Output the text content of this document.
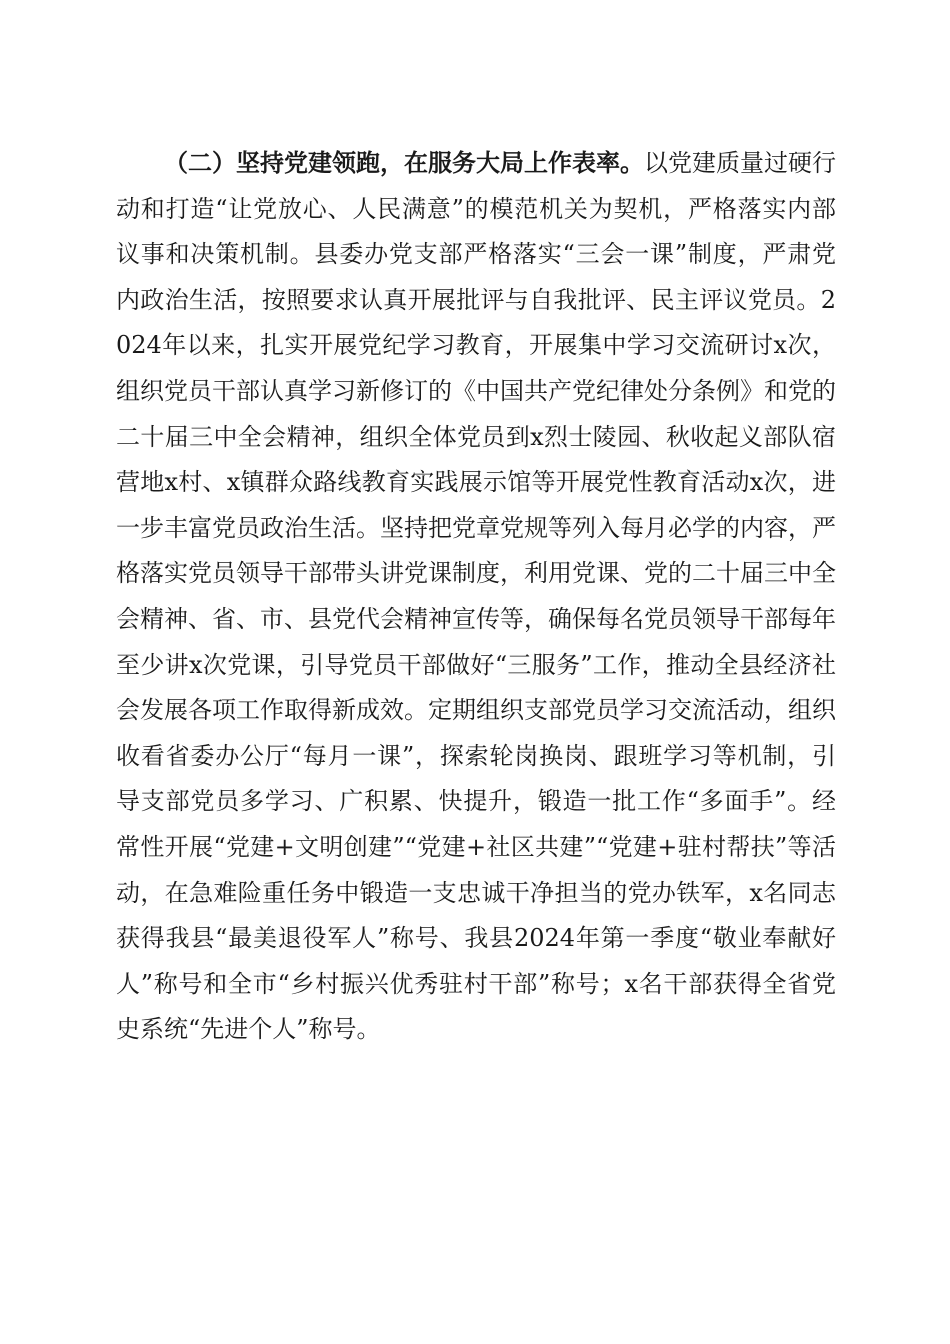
（二）坚持党建领跑，在服务大局上作表率。以党建质量过硬行动和打造“让党放心、人民满意”的模范机关为契机，严格落实内部议事和决策机制。县委办党支部严格落实“三会一课”制度，严肃党内政治生活，按照要求认真开展批评与自我批评、民主评议党员。2024年以来，扎实开展党纪学习教育，开展集中学习交流研讨x次，组织党员干部认真学习新修订的《中国共产党纪律处分条例》和党的二十届三中全会精神，组织全体党员到x烈士陵园、秋收起义部队宿营地x村、x镇群众路线教育实践展示馆等开展党性教育活动x次，进一步丰富党员政治生活。坚持把党章党规等列入每月必学的内容，严格落实党员领导干部带头讲党课制度，利用党课、党的二十届三中全会精神、省、市、县党代会精神宣传等，确保每名党员领导干部每年至少讲x次党课，引导党员干部做好“三服务”工作，推动全县经济社会发展各项工作取得新成效。定期组织支部党员学习交流活动，组织收看省委办公厅“每月一课”，探索轮岗换岗、跟班学习等机制，引导支部党员多学习、广积累、快提升，锻造一批工作“多面手”。经常性开展“党建+文明创建”“党建+社区共建”“党建+驻村帮扶”等活动，在急难险重任务中锻造一支忠诚干净担当的党办铁军，x名同志获得我县“最美退役军人”称号、我县2024年第一季度“敬业奉献好人”称号和全市“乡村振兴优秀驻村干部”称号；x名干部获得全省党史系统“先进个人”称号。
